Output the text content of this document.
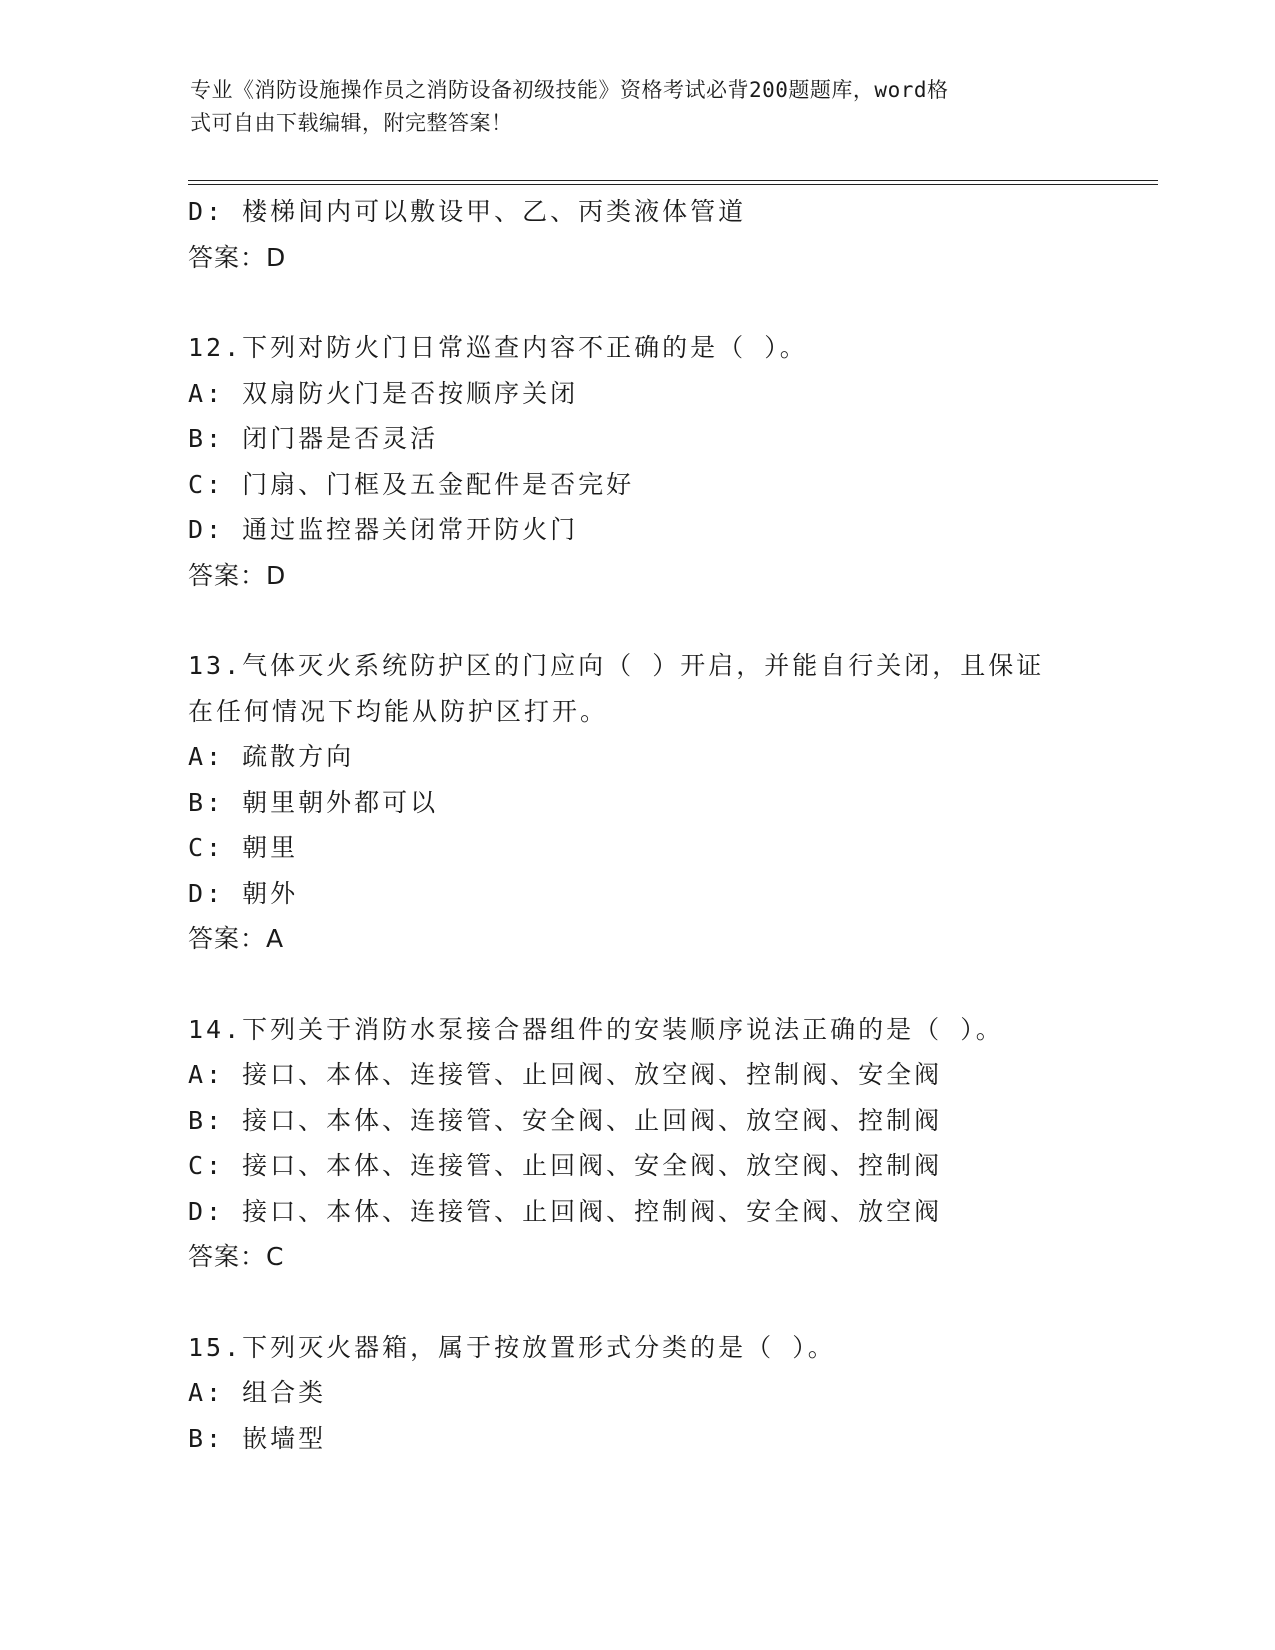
专业《消防设施操作员之消防设备初级技能》资格考试必背200题题库，word格
式可自由下载编辑，附完整答案！
D: 楼梯间内可以敷设甲、乙、丙类液体管道
答案：D
12.下列对防火门日常巡查内容不正确的是（ ）。
A: 双扇防火门是否按顺序关闭
B: 闭门器是否灵活
C: 门扇、门框及五金配件是否完好
D: 通过监控器关闭常开防火门
答案：D
13.气体灭火系统防护区的门应向（ ）开启，并能自行关闭，且保证
在任何情况下均能从防护区打开。
A: 疏散方向
B: 朝里朝外都可以
C: 朝里
D: 朝外
答案：A
14.下列关于消防水泵接合器组件的安装顺序说法正确的是（ ）。
A: 接口、本体、连接管、止回阀、放空阀、控制阀、安全阀
B: 接口、本体、连接管、安全阀、止回阀、放空阀、控制阀
C: 接口、本体、连接管、止回阀、安全阀、放空阀、控制阀
D: 接口、本体、连接管、止回阀、控制阀、安全阀、放空阀
答案：C
15.下列灭火器箱，属于按放置形式分类的是（ ）。
A: 组合类
B: 嵌墙型
